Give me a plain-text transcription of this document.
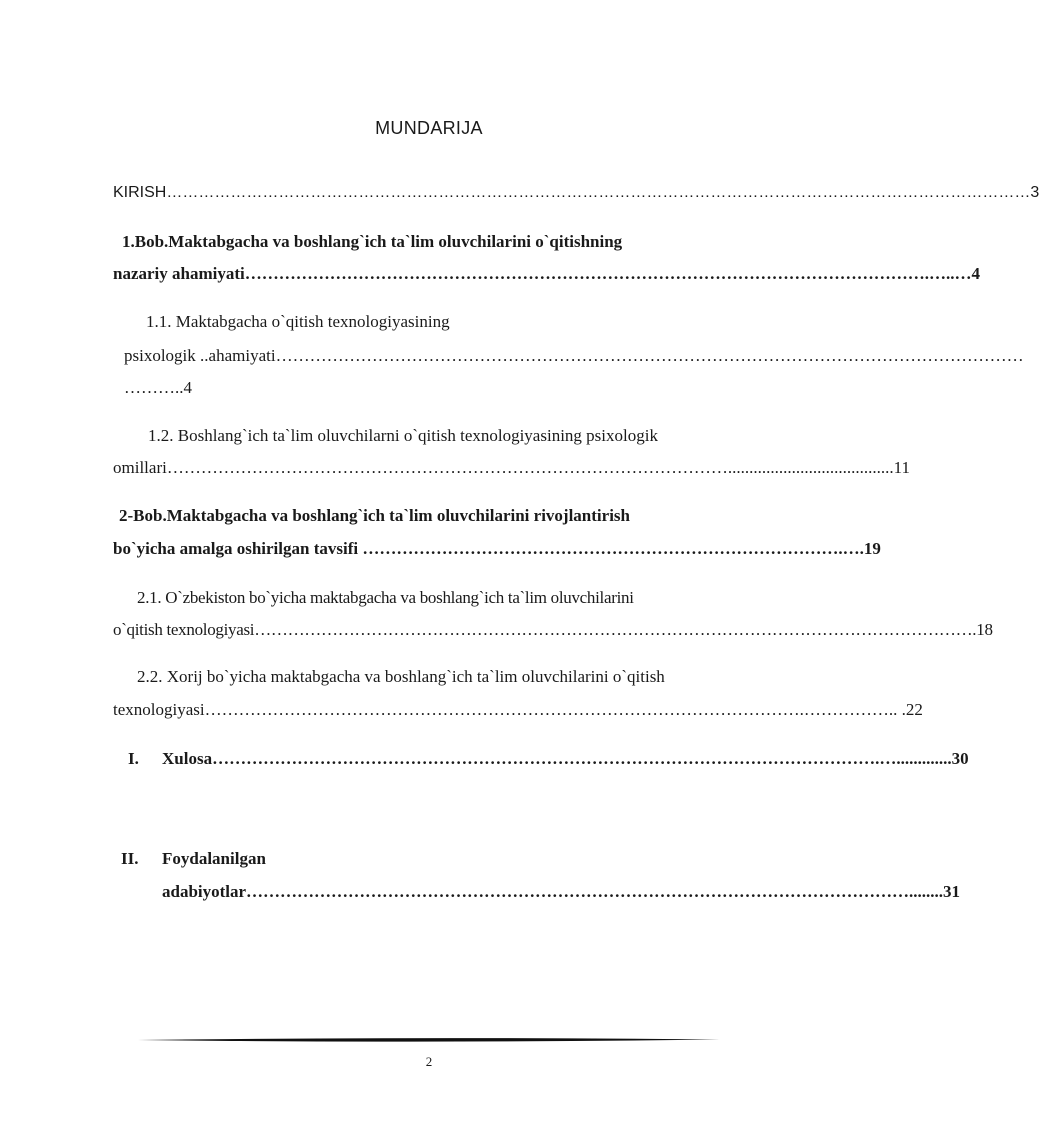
MUNDARIJA
KIRISH………………………………………………………………………………………………………………………………………………3
1.Bob.Maktabgacha va boshlang`ich ta`lim oluvchilarini o`qitishning
nazariy ahamiyati………………………………………………………………………………………………………….…..…4
1.1. Maktabgacha o`qitish texnologiyasining
psixologik ..ahamiyati……………………………………………………………………………………………………………………
………..4
1.2. Boshlang`ich ta`lim oluvchilarni o`qitish texnologiyasining psixologik
omillari……………………………………………………………………………………….......................................11
2-Bob.Maktabgacha va boshlang`ich ta`lim oluvchilarini rivojlantirish
bo`yicha amalga oshirilgan tavsifi ………………………………………………………………………….….19
2.1. O`zbekiston bo`yicha maktabgacha va boshlang`ich ta`lim oluvchilarini
o`qitish texnologiyasi………………………………………………………………………………………………………………….18
2.2. Xorij bo`yicha maktabgacha va boshlang`ich ta`lim oluvchilarini o`qitish
texnologiyasi…………………………………………………………………………………………….…………….. .22
I. Xulosa……………………………………………………………………………………………………….….............30
II. Foydalanilgan
adabiyotlar………………………………………………………………………………………………………........31
2
